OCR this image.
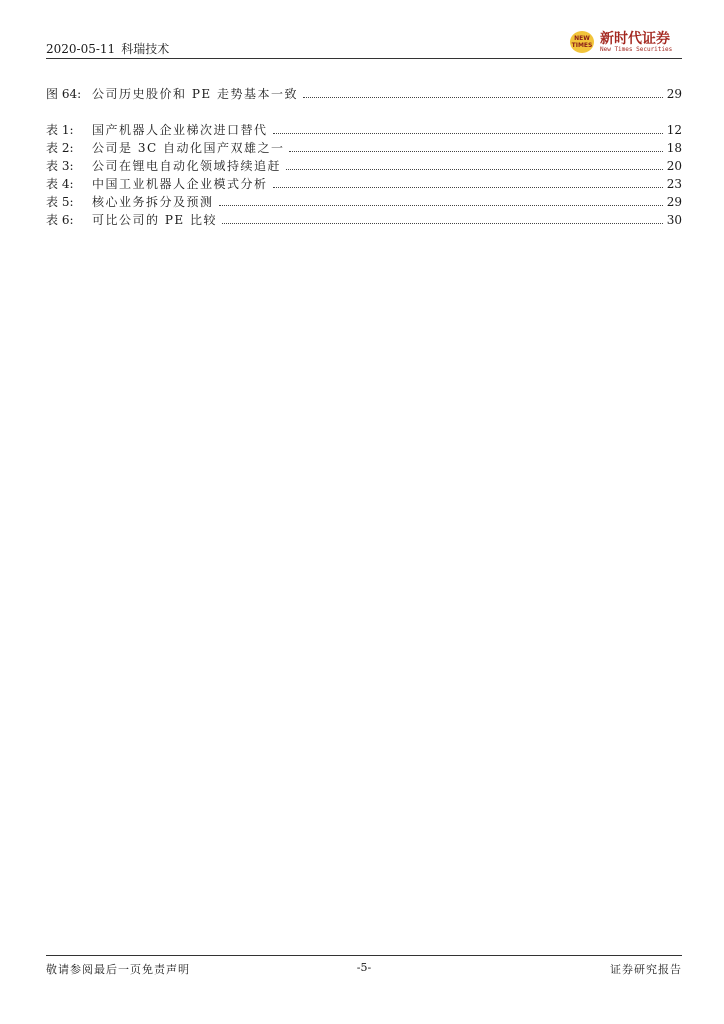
2020-05-11 科瑞技术
NEW
TIMES 新时代证券
New Times Securities
图 64: 公司历史股价和 PE 走势基本一致	29
表 1:	国产机器人企业梯次进口替代	12
表 2:	公司是 3C 自动化国产双雄之一	18
表 3:	公司在锂电自动化领域持续追赶	20
表 4:	中国工业机器人企业模式分析	23
表 5:	核心业务拆分及预测	29
表 6:	可比公司的 PE 比较	30
敬请参阅最后一页免责声明	-5-	证券研究报告
